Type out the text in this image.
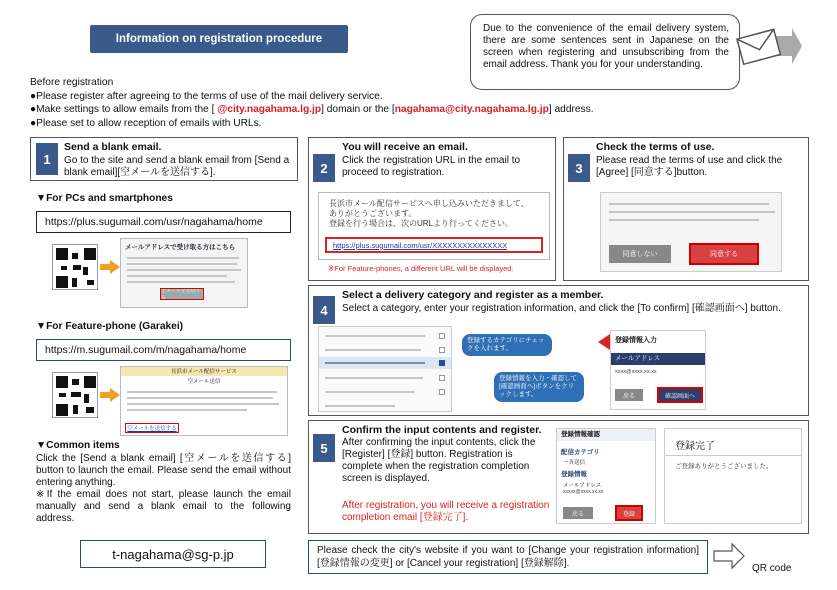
Information on registration procedure
Due to the convenience of the email delivery system, there are some sentences sent in Japanese on the screen when registering and unsubscribing from the email address. Thank you for your understanding.
Before registration
●Please register after agreeing to the terms of use of the mail delivery service.
●Make settings to allow emails from the [ @city.nagahama.lg.jp] domain or the [nagahama@city.nagahama.lg.jp] address.
●Please set to allow reception of emails with URLs.
1
Send a blank email.
Go to the site and send a blank email from [Send a blank email][空メールを送信する].
▼For PCs and smartphones
https://plus.sugumail.com/usr/nagahama/home
メールアドレスで受け取る方はこちら
空メールを送信する
▼For Feature-phone (Garakei)
https://m.sugumail.com/m/nagahama/home
長浜市メール配信サービス
空メール送信
空メールを送信する
▼Common items
Click the [Send a blank email] [空メールを送信する] button to launch the email. Please send the email without entering anything.
※If the email does not start, please launch the email manually and send a blank email to the following address.
t-nagahama@sg-p.jp
2
You will receive an email.
Click the registration URL in the email to proceed to registration.
長浜市メール配信サービスへ申し込みいただきまして、
ありがとうございます。
登録を行う場合は、次のURLより行ってください。
https://plus.sugumail.com/usr/XXXXXXXXXXXXXXX
※For Feature-phones, a different URL will be displayed.
3
Check the terms of use.
Please read the terms of use and click the [Agree] [同意する]button.
同意しない	同意する
4
Select a delivery category and register as a member.
Select a category, enter your registration information, and click the [To confirm] [確認画面へ] button.
登録するカテゴリにチェックを入れます。
登録情報を入力・確認して[確認画面へ]ボタンをクリックします。
登録情報入力
メールアドレス
xxxx@xxxx.xx.xx
戻る	確認画面へ
5
Confirm the input contents and register.
After confirming the input contents, click the [Register] [登録] button. Registration is complete when the registration completion screen is displayed.
After registration, you will receive a registration completion email [登録完了].
登録情報確認
配信カテゴリ
一斉送信
登録情報
メールアドレス
xxxxx@xxxx.xx.xx
戻る	登録
登録完了
ご登録ありがとうございました。
Please check the city's website if you want to [Change your registration information] [登録情報の変更] or [Cancel your registration] [登録解除].	QR code
